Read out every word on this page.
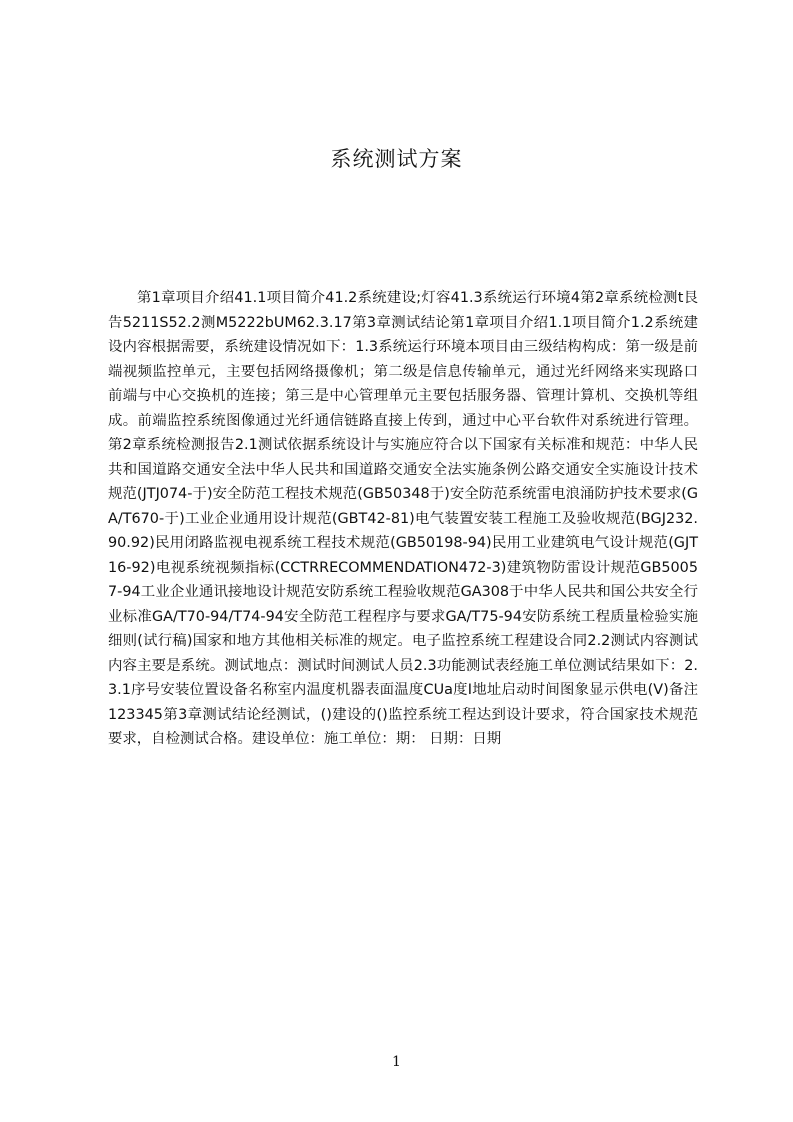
系统测试方案

第1章项目介绍41.1项目简介41.2系统建设;灯容41.3系统运行环境4第2章系统检测t艮告5211S52.2测M5222bUM62.3.17第3章测试结论第1章项目介绍1.1项目简介1.2系统建设内容根据需要，系统建设情况如下：1.3系统运行环境本项目由三级结构构成：第一级是前端视频监控单元，主要包括网络摄像机；第二级是信息传输单元，通过光纤网络来实现路口前端与中心交换机的连接；第三是中心管理单元主要包括服务器、管理计算机、交换机等组成。前端监控系统图像通过光纤通信链路直接上传到，通过中心平台软件对系统进行管理。第2章系统检测报告2.1测试依据系统设计与实施应符合以下国家有关标准和规范：中华人民共和国道路交通安全法中华人民共和国道路交通安全法实施条例公路交通安全实施设计技术规范(JTJ074-于)安全防范工程技术规范(GB50348于)安全防范系统雷电浪涌防护技术要求(GA/T670-于)工业企业通用设计规范(GBT42-81)电气装置安装工程施工及验收规范(BGJ232.90.92)民用闭路监视电视系统工程技术规范(GB50198-94)民用工业建筑电气设计规范(GJT16-92)电视系统视频指标(CCTRRECOMMENDATION472-3)建筑物防雷设计规范GB50057-94工业企业通讯接地设计规范安防系统工程验收规范GA308于中华人民共和国公共安全行业标准GA/T70-94/T74-94安全防范工程程序与要求GA/T75-94安防系统工程质量检验实施细则(试行稿)国家和地方其他相关标准的规定。电子监控系统工程建设合同2.2测试内容测试内容主要是系统。测试地点：测试时间测试人员2.3功能测试表经施工单位测试结果如下：2.3.1序号安装位置设备名称室内温度机器表面温度CUa度I地址启动时间图象显示供电(V)备注123345第3章测试结论经测试，()建设的()监控系统工程达到设计要求，符合国家技术规范要求，自检测试合格。建设单位：施工单位：期： 日期：日期

1
